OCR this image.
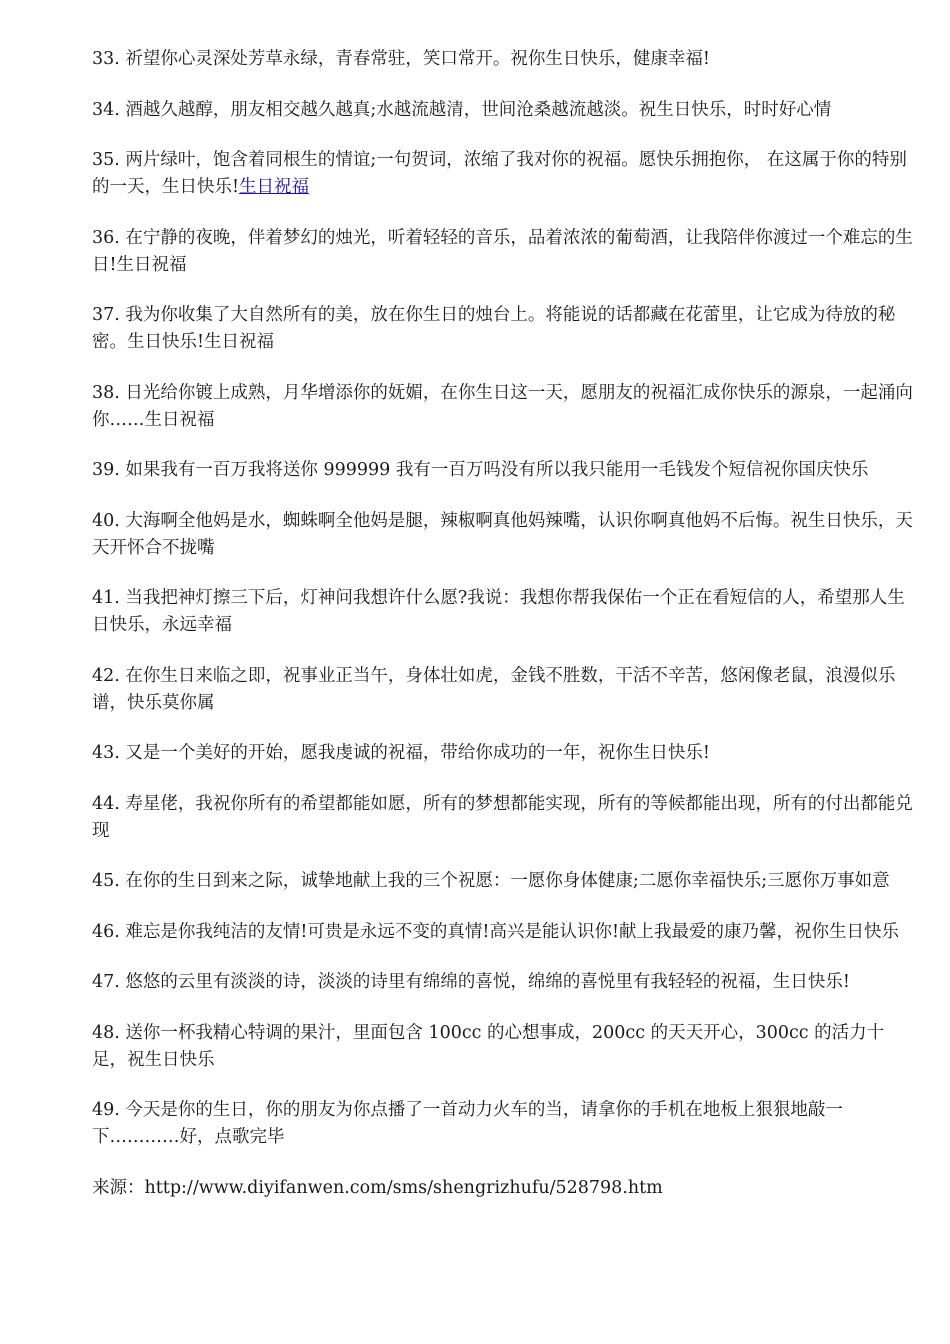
33. 祈望你心灵深处芳草永绿，青春常驻，笑口常开。祝你生日快乐，健康幸福!

34. 酒越久越醇，朋友相交越久越真;水越流越清，世间沧桑越流越淡。祝生日快乐，时时好心情

35. 两片绿叶，饱含着同根生的情谊;一句贺词，浓缩了我对你的祝福。愿快乐拥抱你， 在这属于你的特别的一天，生日快乐!生日祝福

36. 在宁静的夜晚，伴着梦幻的烛光，听着轻轻的音乐，品着浓浓的葡萄酒，让我陪伴你渡过一个难忘的生日!生日祝福

37. 我为你收集了大自然所有的美，放在你生日的烛台上。将能说的话都藏在花蕾里，让它成为待放的秘密。生日快乐!生日祝福

38. 日光给你镀上成熟，月华增添你的妩媚，在你生日这一天，愿朋友的祝福汇成你快乐的源泉，一起涌向你……生日祝福

39. 如果我有一百万我将送你 999999 我有一百万吗没有所以我只能用一毛钱发个短信祝你国庆快乐

40. 大海啊全他妈是水，蜘蛛啊全他妈是腿，辣椒啊真他妈辣嘴，认识你啊真他妈不后悔。祝生日快乐，天天开怀合不拢嘴

41. 当我把神灯擦三下后，灯神问我想许什么愿?我说：我想你帮我保佑一个正在看短信的人，希望那人生日快乐，永远幸福

42. 在你生日来临之即，祝事业正当午，身体壮如虎，金钱不胜数，干活不辛苦，悠闲像老鼠，浪漫似乐谱，快乐莫你属

43. 又是一个美好的开始，愿我虔诚的祝福，带给你成功的一年，祝你生日快乐!

44. 寿星佬，我祝你所有的希望都能如愿，所有的梦想都能实现，所有的等候都能出现，所有的付出都能兑现

45. 在你的生日到来之际，诚挚地献上我的三个祝愿：一愿你身体健康;二愿你幸福快乐;三愿你万事如意

46. 难忘是你我纯洁的友情!可贵是永远不变的真情!高兴是能认识你!献上我最爱的康乃馨，祝你生日快乐

47. 悠悠的云里有淡淡的诗，淡淡的诗里有绵绵的喜悦，绵绵的喜悦里有我轻轻的祝福，生日快乐!

48. 送你一杯我精心特调的果汁，里面包含 100cc 的心想事成，200cc 的天天开心，300cc 的活力十足，祝生日快乐

49. 今天是你的生日，你的朋友为你点播了一首动力火车的当，请拿你的手机在地板上狠狠地敲一下…………好，点歌完毕

来源：http://www.diyifanwen.com/sms/shengrizhufu/528798.htm
